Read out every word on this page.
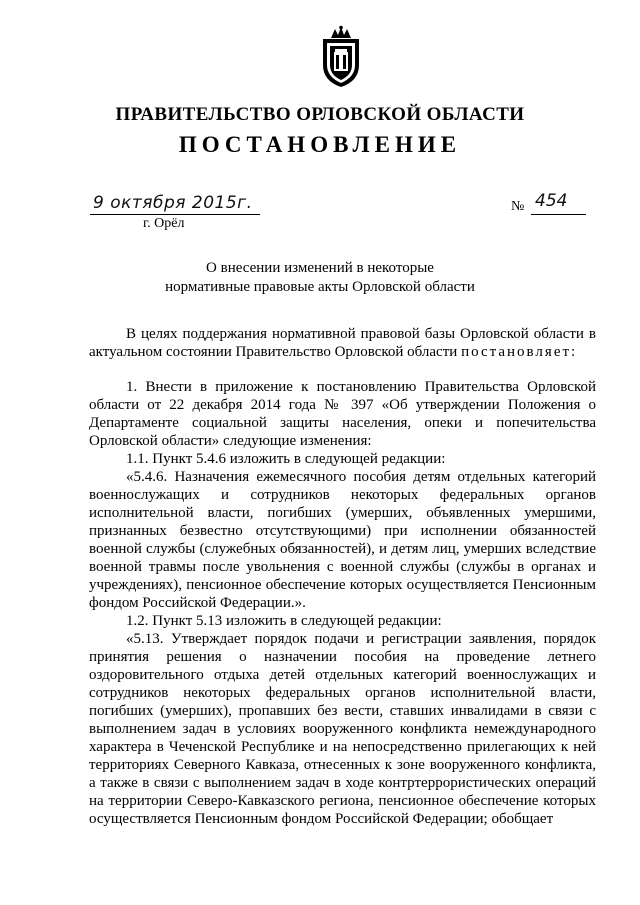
ПРАВИТЕЛЬСТВО ОРЛОВСКОЙ ОБЛАСТИ
ПОСТАНОВЛЕНИЕ
9 октября 2015г.
г. Орёл
№ 454
О внесении изменений в некоторые
нормативные правовые акты Орловской области

В целях поддержания нормативной правовой базы Орловской области в актуальном состоянии Правительство Орловской области постановляет:

1. Внести в приложение к постановлению Правительства Орловской области от 22 декабря 2014 года № 397 «Об утверждении Положения о Департаменте социальной защиты населения, опеки и попечительства Орловской области» следующие изменения:

1.1. Пункт 5.4.6 изложить в следующей редакции:

«5.4.6. Назначения ежемесячного пособия детям отдельных категорий военнослужащих и сотрудников некоторых федеральных органов исполнительной власти, погибших (умерших, объявленных умершими, признанных безвестно отсутствующими) при исполнении обязанностей военной службы (служебных обязанностей), и детям лиц, умерших вследствие военной травмы после увольнения с военной службы (службы в органах и учреждениях), пенсионное обеспечение которых осуществляется Пенсионным фондом Российской Федерации.».

1.2. Пункт 5.13 изложить в следующей редакции:

«5.13. Утверждает порядок подачи и регистрации заявления, порядок принятия решения о назначении пособия на проведение летнего оздоровительного отдыха детей отдельных категорий военнослужащих и сотрудников некоторых федеральных органов исполнительной власти, погибших (умерших), пропавших без вести, ставших инвалидами в связи с выполнением задач в условиях вооруженного конфликта немеждународного характера в Чеченской Республике и на непосредственно прилегающих к ней территориях Северного Кавказа, отнесенных к зоне вооруженного конфликта, а также в связи с выполнением задач в ходе контртеррористических операций на территории Северо-Кавказского региона, пенсионное обеспечение которых осуществляется Пенсионным фондом Российской Федерации; обобщает
